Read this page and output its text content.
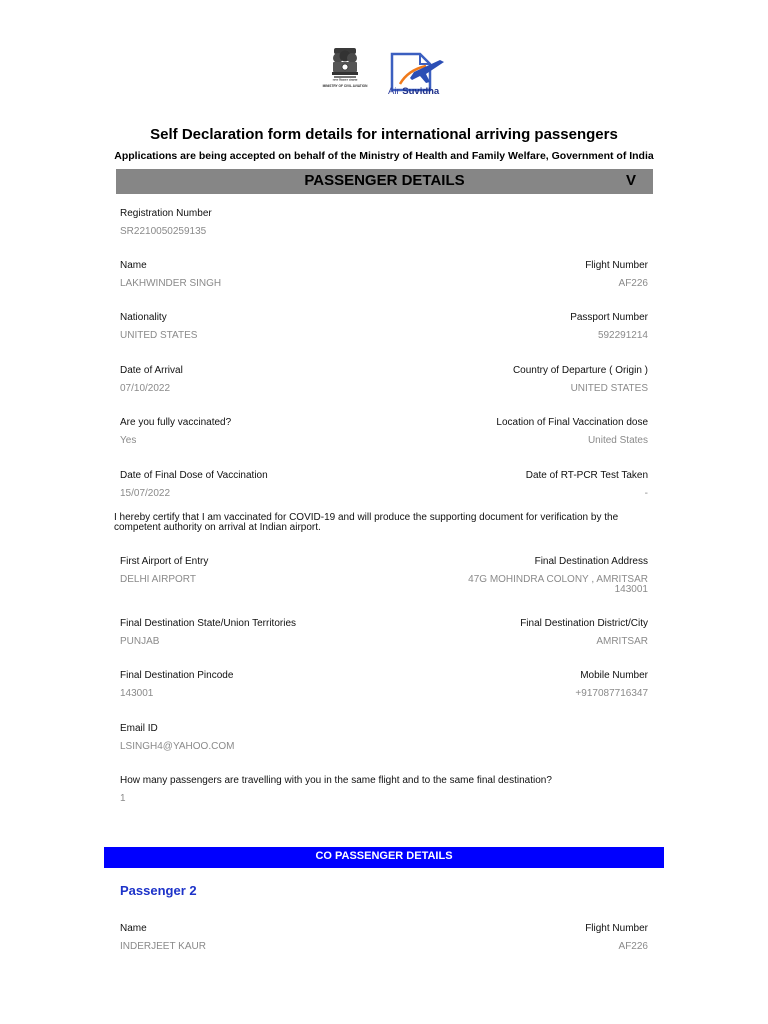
नागर विमानन मंत्रालय
MINISTRY OF CIVIL AVIATION	Air Suvidha
Self Declaration form details for international arriving passengers
Applications are being accepted on behalf of the Ministry of Health and Family Welfare, Government of India
PASSENGER DETAILS	V
Registration Number
SR2210050259135
Name
LAKHWINDER SINGH
Flight Number
AF226
Nationality
UNITED STATES
Passport Number
592291214
Date of Arrival
07/10/2022
Country of Departure ( Origin )
UNITED STATES
Are you fully vaccinated?
Yes
Location of Final Vaccination dose
United States
Date of Final Dose of Vaccination
15/07/2022
Date of RT-PCR Test Taken
-
I hereby certify that I am vaccinated for COVID-19 and will produce the supporting document for verification by the competent authority on arrival at Indian airport.
First Airport of Entry
DELHI AIRPORT
Final Destination Address
47G MOHINDRA COLONY , AMRITSAR
143001
Final Destination State/Union Territories
PUNJAB
Final Destination District/City
AMRITSAR
Final Destination Pincode
143001
Mobile Number
+917087716347
Email ID
LSINGH4@YAHOO.COM
How many passengers are travelling with you in the same flight and to the same final destination?
1
CO PASSENGER DETAILS
Passenger 2
Name
INDERJEET KAUR
Flight Number
AF226
